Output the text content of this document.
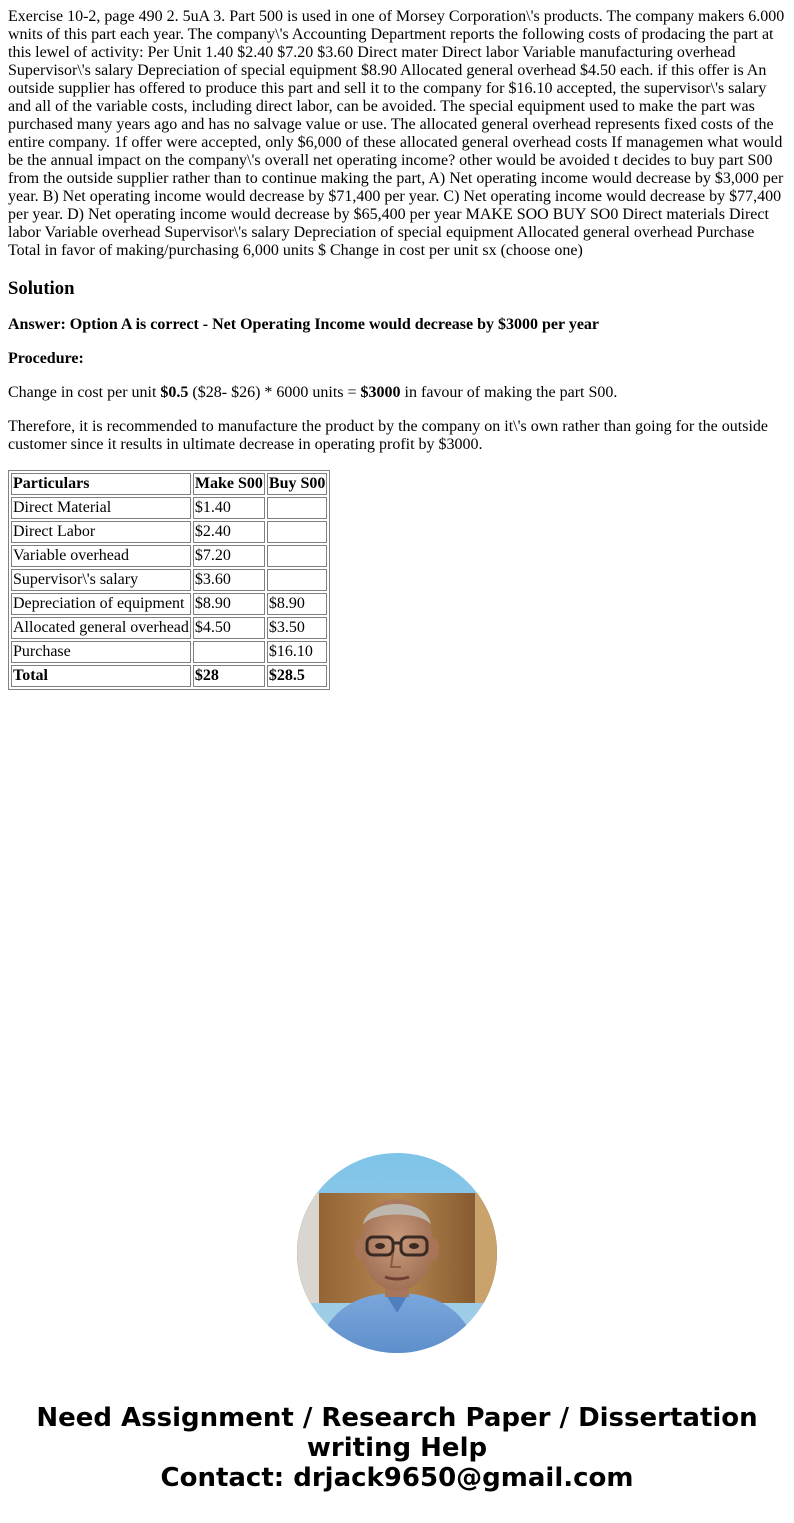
Exercise 10-2, page 490 2. 5uA 3. Part 500 is used in one of Morsey Corporation\'s products. The company makers 6.000 wnits of this part each year. The company\'s Accounting Department reports the following costs of prodacing the part at this lewel of activity: Per Unit 1.40 $2.40 $7.20 $3.60 Direct mater Direct labor Variable manufacturing overhead Supervisor\'s salary Depreciation of special equipment $8.90 Allocated general overhead $4.50 each. if this offer is An outside supplier has offered to produce this part and sell it to the company for $16.10 accepted, the supervisor\'s salary and all of the variable costs, including direct labor, can be avoided. The special equipment used to make the part was purchased many years ago and has no salvage value or use. The allocated general overhead represents fixed costs of the entire company. 1f offer were accepted, only $6,000 of these allocated general overhead costs If managemen what would be the annual impact on the company\'s overall net operating income? other would be avoided t decides to buy part S00 from the outside supplier rather than to continue making the part, A) Net operating income would decrease by $3,000 per year. B) Net operating income would decrease by $71,400 per year. C) Net operating income would decrease by $77,400 per year. D) Net operating income would decrease by $65,400 per year MAKE SOO BUY SO0 Direct materials Direct labor Variable overhead Supervisor\'s salary Depreciation of special equipment Allocated general overhead Purchase Total in favor of making/purchasing 6,000 units $ Change in cost per unit sx (choose one)
Solution

Answer: Option A is correct - Net Operating Income would decrease by $3000 per year

Procedure:

Change in cost per unit $0.5 ($28- $26) * 6000 units = $3000 in favour of making the part S00.

Therefore, it is recommended to manufacture the product by the company on it\'s own rather than going for the outside customer since it results in ultimate decrease in operating profit by $3000.

Particulars	Make S00	Buy S00
Direct Material	$1.40	
Direct Labor	$2.40	
Variable overhead	$7.20	
Supervisor\'s salary	$3.60	
Depreciation of equipment	$8.90	$8.90
Allocated general overhead	$4.50	$3.50
Purchase		$16.10
Total	$28	$28.5
Need Assignment / Research Paper / Dissertation
writing Help
Contact: drjack9650@gmail.com
